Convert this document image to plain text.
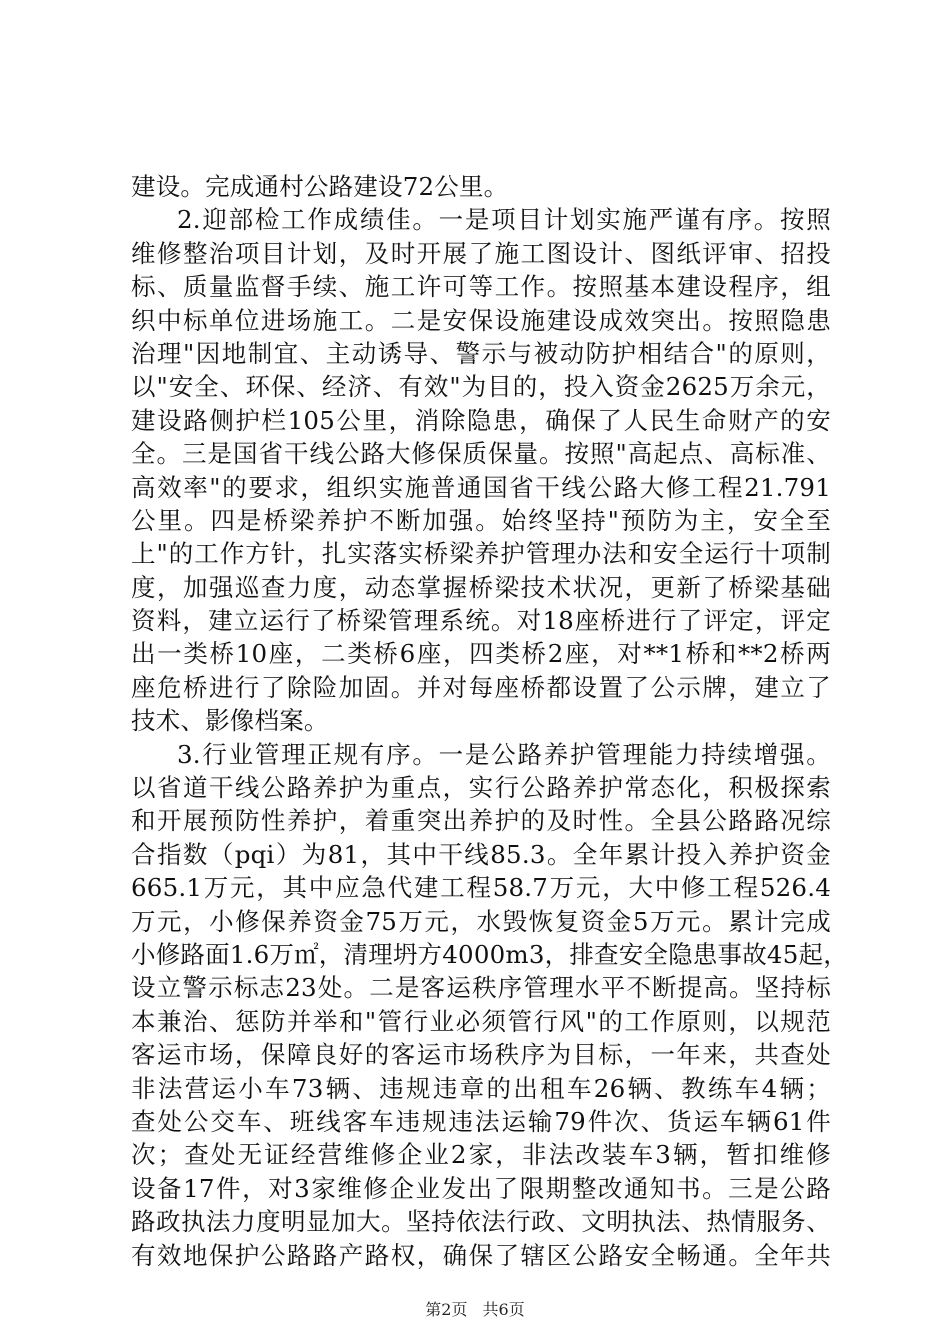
建设。完成通村公路建设72公里。
2.迎部检工作成绩佳。一是项目计划实施严谨有序。按照
维修整治项目计划，及时开展了施工图设计、图纸评审、招投
标、质量监督手续、施工许可等工作。按照基本建设程序，组
织中标单位进场施工。二是安保设施建设成效突出。按照隐患
治理"因地制宜、主动诱导、警示与被动防护相结合"的原则，
以"安全、环保、经济、有效"为目的，投入资金2625万余元，
建设路侧护栏105公里，消除隐患，确保了人民生命财产的安
全。三是国省干线公路大修保质保量。按照"高起点、高标准、
高效率"的要求，组织实施普通国省干线公路大修工程21.791
公里。四是桥梁养护不断加强。始终坚持"预防为主，安全至
上"的工作方针，扎实落实桥梁养护管理办法和安全运行十项制
度，加强巡查力度，动态掌握桥梁技术状况，更新了桥梁基础
资料，建立运行了桥梁管理系统。对18座桥进行了评定，评定
出一类桥10座，二类桥6座，四类桥2座，对**1桥和**2桥两
座危桥进行了除险加固。并对每座桥都设置了公示牌，建立了
技术、影像档案。
3.行业管理正规有序。一是公路养护管理能力持续增强。
以省道干线公路养护为重点，实行公路养护常态化，积极探索
和开展预防性养护，着重突出养护的及时性。全县公路路况综
合指数（pqi）为81，其中干线85.3。全年累计投入养护资金
665.1万元，其中应急代建工程58.7万元，大中修工程526.4
万元，小修保养资金75万元，水毁恢复资金5万元。累计完成
小修路面1.6万㎡，清理坍方4000m3，排查安全隐患事故45起，
设立警示标志23处。二是客运秩序管理水平不断提高。坚持标
本兼治、惩防并举和"管行业必须管行风"的工作原则，以规范
客运市场，保障良好的客运市场秩序为目标，一年来，共查处
非法营运小车73辆、违规违章的出租车26辆、教练车4辆；
查处公交车、班线客车违规违法运输79件次、货运车辆61件
次；查处无证经营维修企业2家，非法改装车3辆，暂扣维修
设备17件，对3家维修企业发出了限期整改通知书。三是公路
路政执法力度明显加大。坚持依法行政、文明执法、热情服务、
有效地保护公路路产路权，确保了辖区公路安全畅通。全年共
第2页 共6页
